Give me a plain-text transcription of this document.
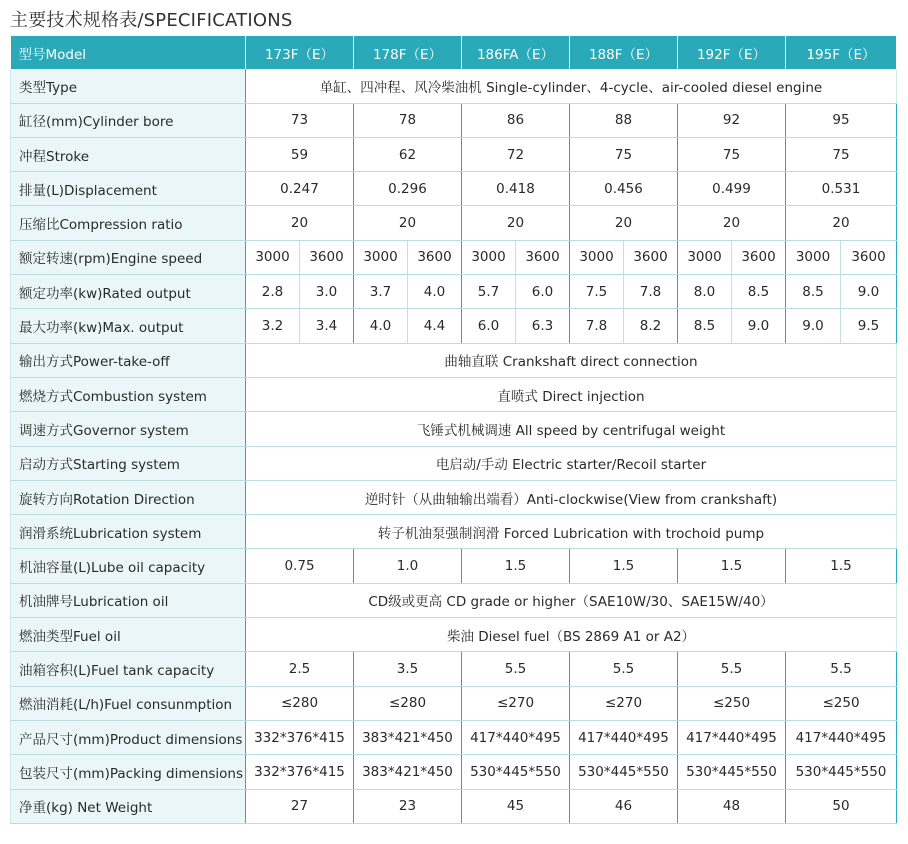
主要技术规格表/SPECIFICATIONS
型号Model	173F（E）		178F（E）		186FA（E）		188F（E）		192F（E）		195F（E）	
类型Type	单缸、四冲程、风冷柴油机 Single-cylinder、4-cycle、air-cooled diesel engine											
缸径(mm)Cylinder bore	73		78		86		88		92		95	
冲程Stroke	59		62		72		75		75		75	
排量(L)Displacement	0.247		0.296		0.418		0.456		0.499		0.531	
压缩比Compression ratio	20		20		20		20		20		20	
额定转速(rpm)Engine speed	3000	3600	3000	3600	3000	3600	3000	3600	3000	3600	3000	3600
额定功率(kw)Rated output	2.8	3.0	3.7	4.0	5.7	6.0	7.5	7.8	8.0	8.5	8.5	9.0
最大功率(kw)Max. output	3.2	3.4	4.0	4.4	6.0	6.3	7.8	8.2	8.5	9.0	9.0	9.5
输出方式Power-take-off	曲轴直联 Crankshaft direct connection											
燃烧方式Combustion system	直喷式 Direct injection											
调速方式Governor system	飞锤式机械调速 All speed by centrifugal weight											
启动方式Starting system	电启动/手动 Electric starter/Recoil starter											
旋转方向Rotation Direction	逆时针（从曲轴输出端看）Anti-clockwise(View from crankshaft)											
润滑系统Lubrication system	转子机油泵强制润滑 Forced Lubrication with trochoid pump											
机油容量(L)Lube oil capacity	0.75		1.0		1.5		1.5		1.5		1.5	
机油牌号Lubrication oil	CD级或更高 CD grade or higher（SAE10W/30、SAE15W/40）											
燃油类型Fuel oil	柴油 Diesel fuel（BS 2869 A1 or A2）											
油箱容积(L)Fuel tank capacity	2.5		3.5		5.5		5.5		5.5		5.5	
燃油消耗(L/h)Fuel consunmption	≤280		≤280		≤270		≤270		≤250		≤250	
产品尺寸(mm)Product dimensions	332*376*415		383*421*450		417*440*495		417*440*495		417*440*495		417*440*495	
包装尺寸(mm)Packing dimensions	332*376*415		383*421*450		530*445*550		530*445*550		530*445*550		530*445*550	
净重(kg) Net Weight	27		23		45		46		48		50	
